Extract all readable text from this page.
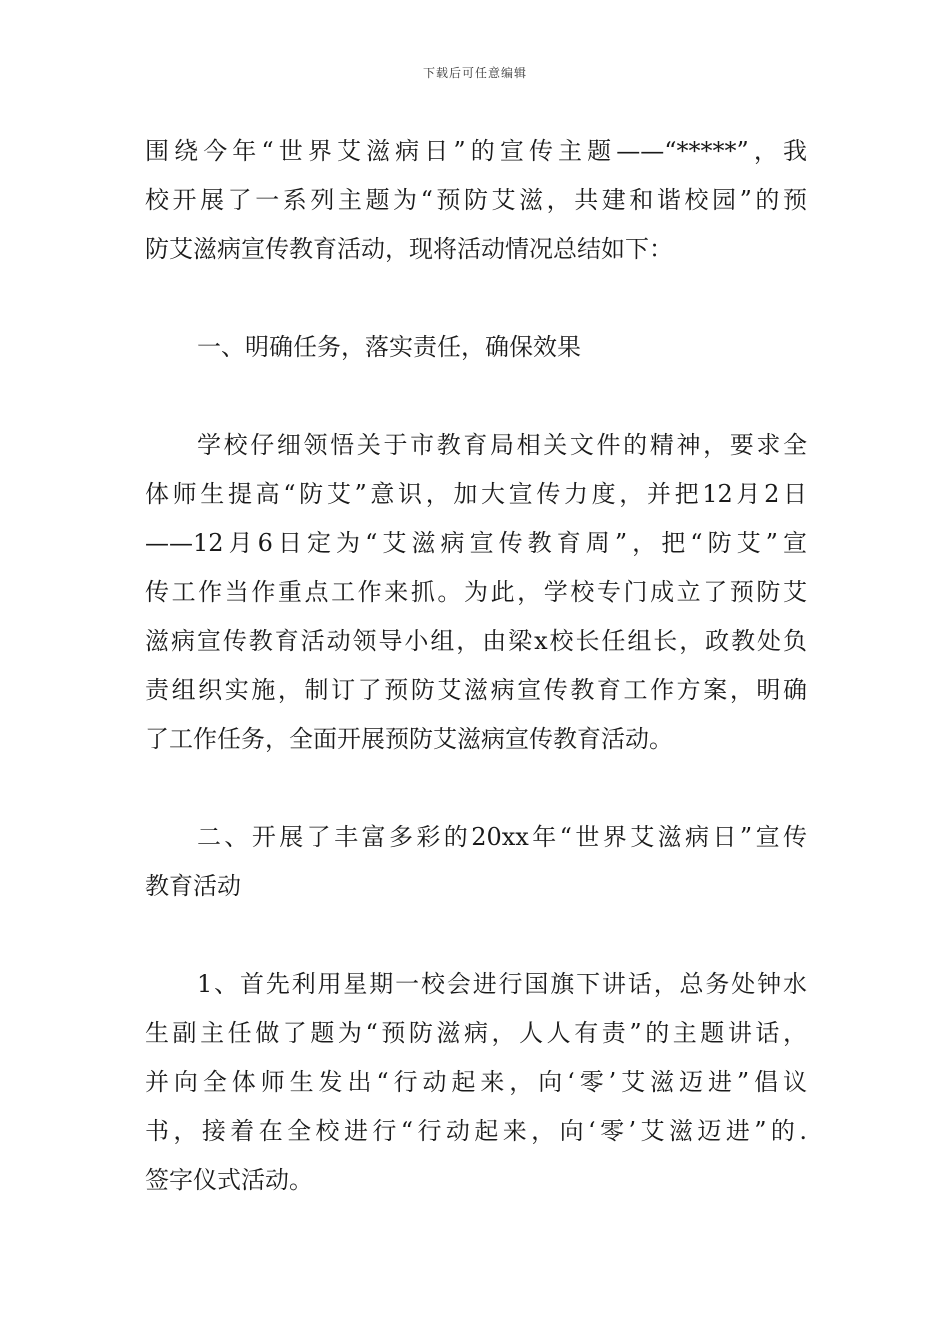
下载后可任意编辑

围绕今年“世界艾滋病日”的宣传主题——“*****”，我
校开展了一系列主题为“预防艾滋，共建和谐校园”的预
防艾滋病宣传教育活动，现将活动情况总结如下：

一、明确任务，落实责任，确保效果

学校仔细领悟关于市教育局相关文件的精神，要求全
体师生提高“防艾”意识，加大宣传力度，并把12月2日
——12月6日定为“艾滋病宣传教育周”，把“防艾”宣
传工作当作重点工作来抓。为此，学校专门成立了预防艾
滋病宣传教育活动领导小组，由梁x校长任组长，政教处负
责组织实施，制订了预防艾滋病宣传教育工作方案，明确
了工作任务，全面开展预防艾滋病宣传教育活动。

二、开展了丰富多彩的20xx年“世界艾滋病日”宣传
教育活动

1、首先利用星期一校会进行国旗下讲话，总务处钟水
生副主任做了题为“预防滋病，人人有责”的主题讲话，
并向全体师生发出“行动起来，向‘零’艾滋迈进”倡议
书，接着在全校进行“行动起来，向‘零’艾滋迈进”的.
签字仪式活动。
